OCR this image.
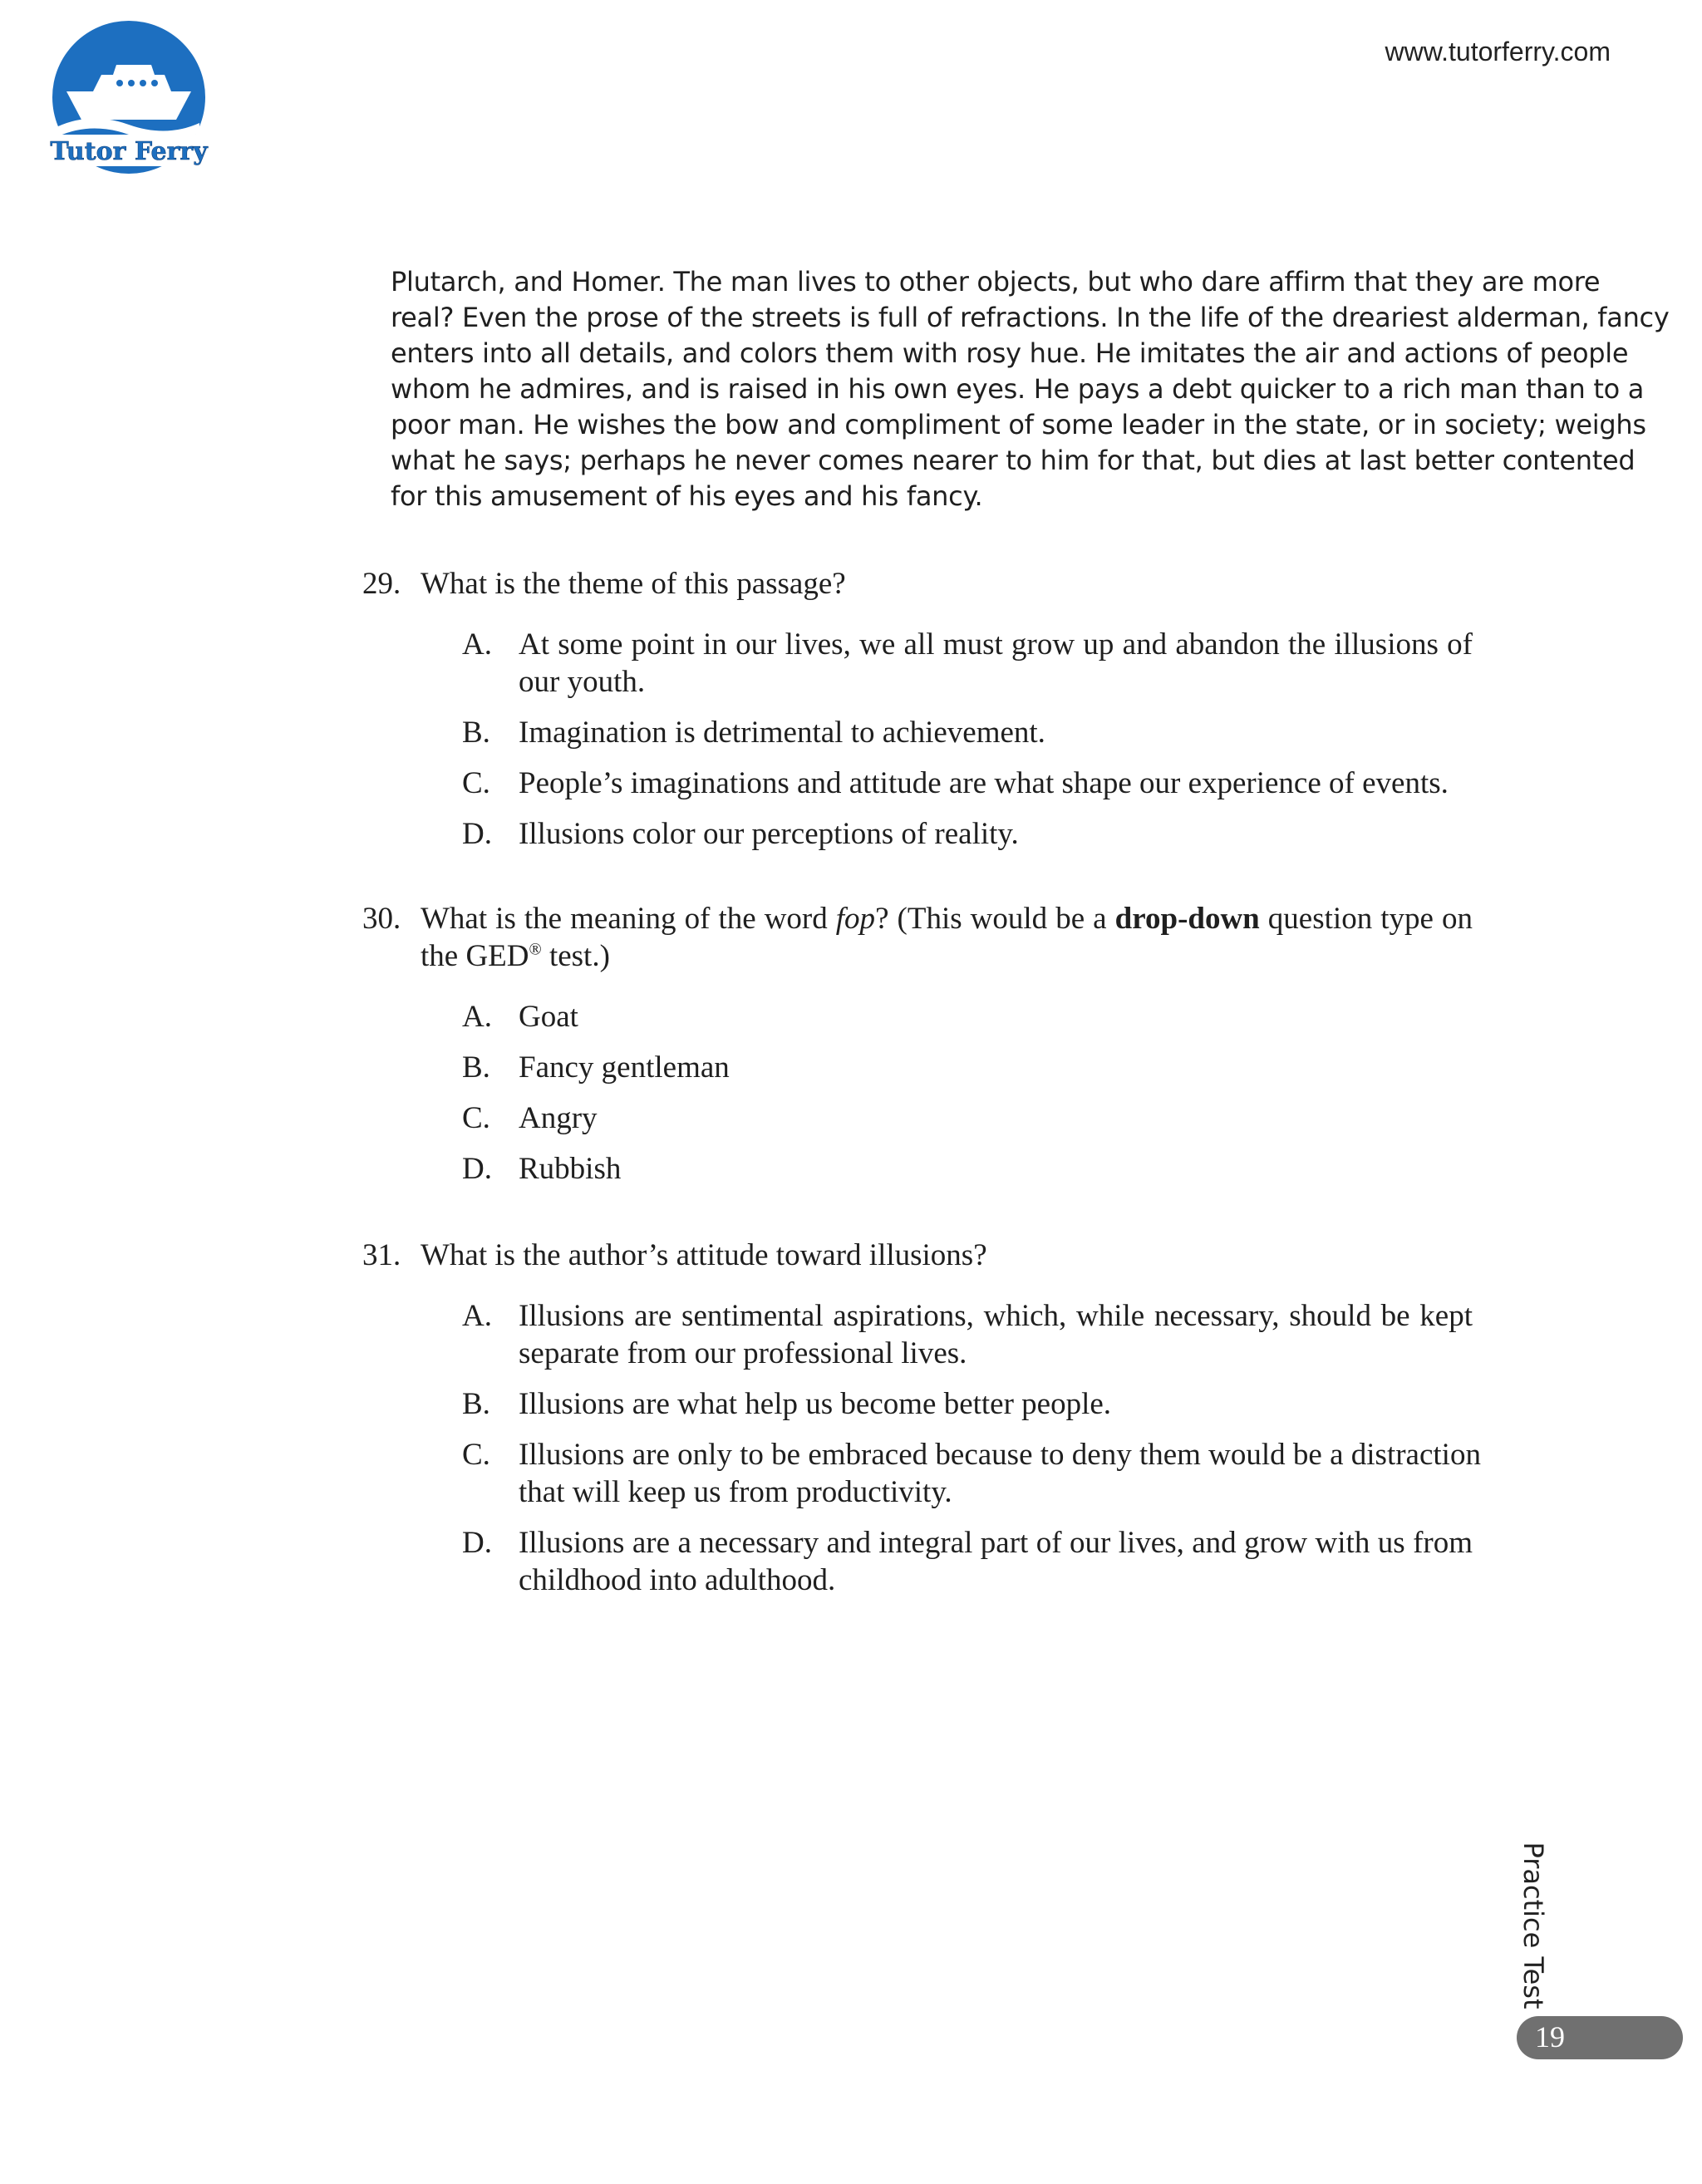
Tutor Ferry
www.tutorferry.com
Plutarch, and Homer. The man lives to other objects, but who dare affirm that they are more
real? Even the prose of the streets is full of refractions. In the life of the dreariest alderman, fancy
enters into all details, and colors them with rosy hue. He imitates the air and actions of people
whom he admires, and is raised in his own eyes. He pays a debt quicker to a rich man than to a
poor man. He wishes the bow and compliment of some leader in the state, or in society; weighs
what he says; perhaps he never comes nearer to him for that, but dies at last better contented
for this amusement of his eyes and his fancy.
29. What is the theme of this passage?
A. At some point in our lives, we all must grow up and abandon the illusions of
our youth.
B. Imagination is detrimental to achievement.
C. People’s imaginations and attitude are what shape our experience of events.
D. Illusions color our perceptions of reality.
30. What is the meaning of the word fop? (This would be a drop-down question type on
the GED® test.)
A. Goat
B. Fancy gentleman
C. Angry
D. Rubbish
31. What is the author’s attitude toward illusions?
A. Illusions are sentimental aspirations, which, while necessary, should be kept
separate from our professional lives.
B. Illusions are what help us become better people.
C. Illusions are only to be embraced because to deny them would be a distraction
that will keep us from productivity.
D. Illusions are a necessary and integral part of our lives, and grow with us from
childhood into adulthood.
Practice Test
19
